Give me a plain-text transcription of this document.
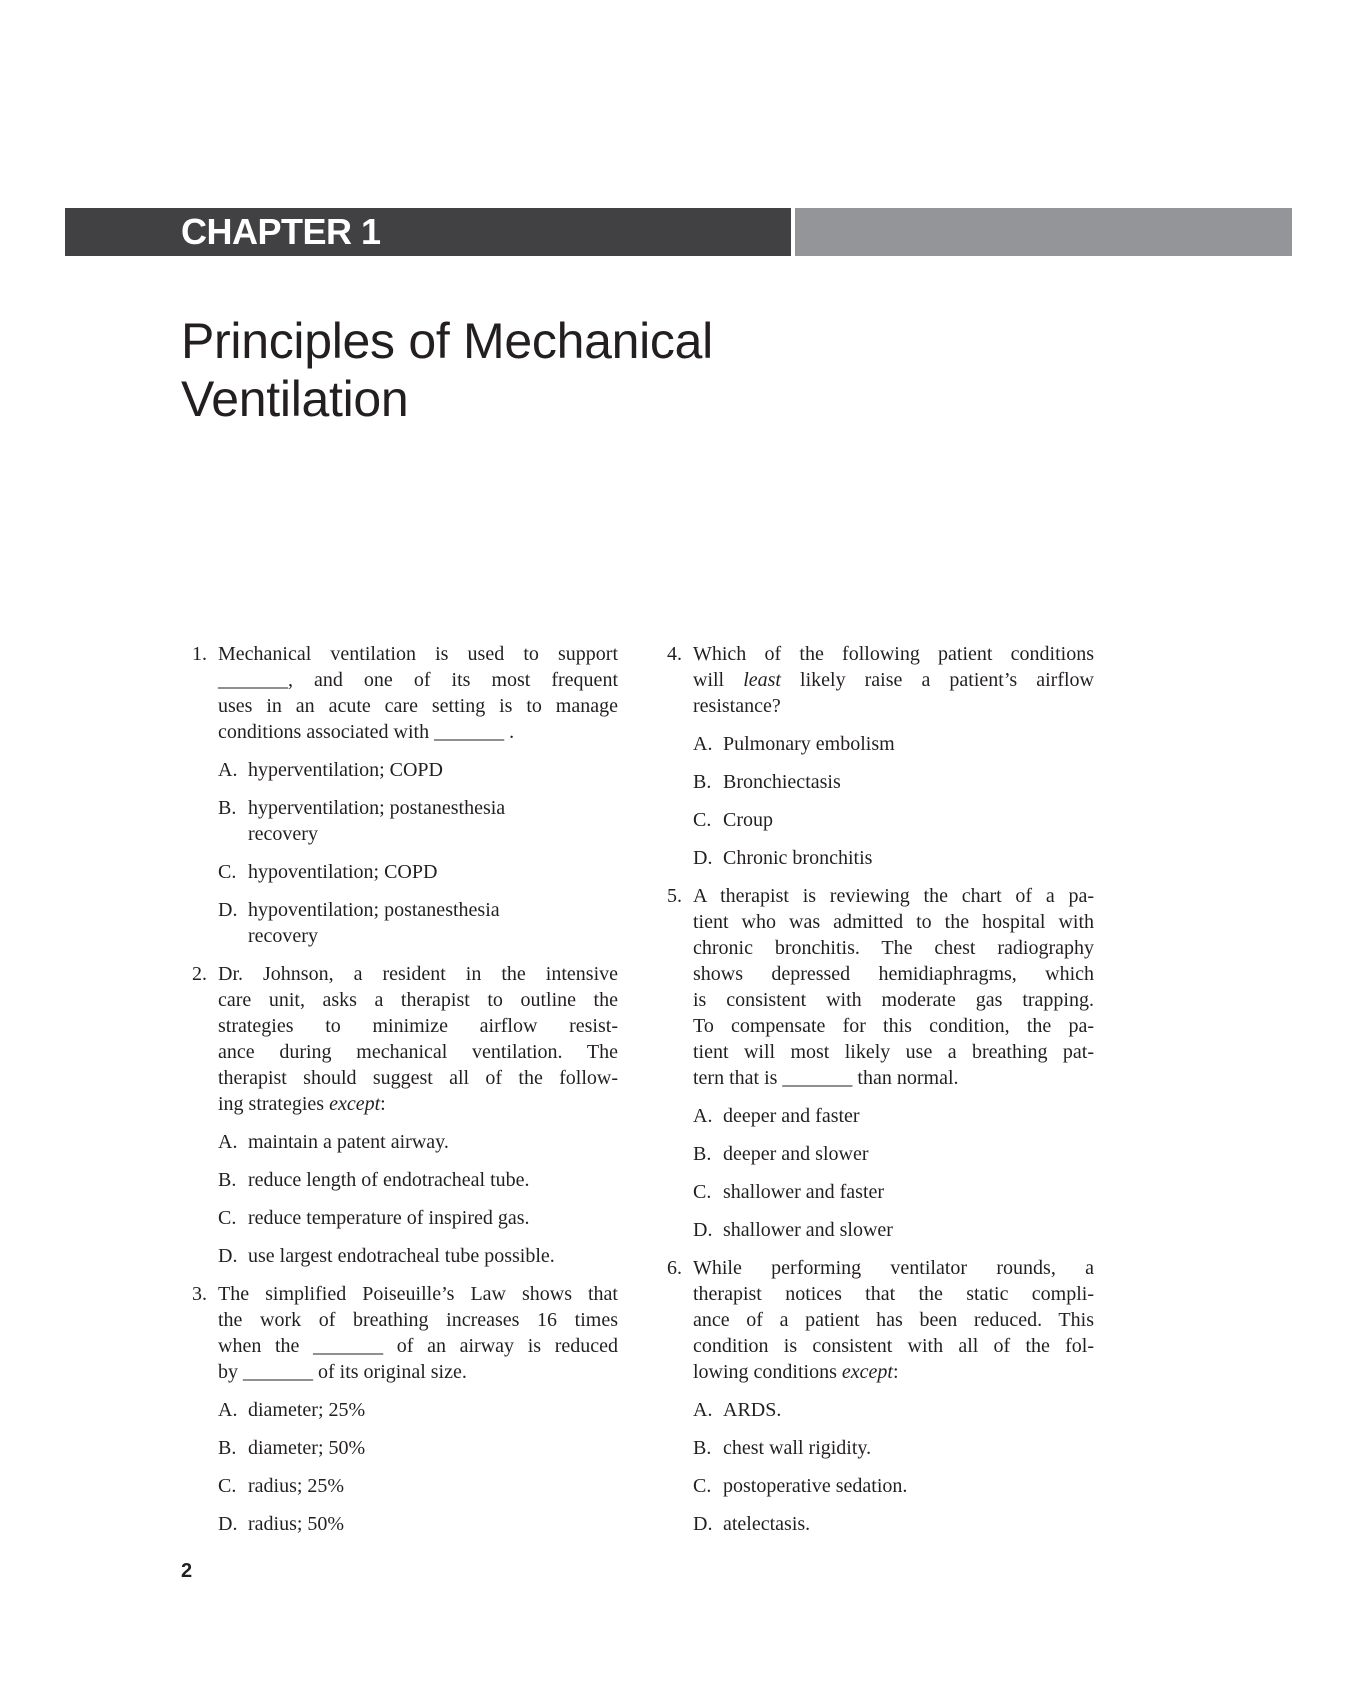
CHAPTER 1
Principles of Mechanical
Ventilation
1. Mechanical ventilation is used to support
_______, and one of its most frequent
uses in an acute care setting is to manage
conditions associated with _______ .
A. hyperventilation; COPD
B. hyperventilation; postanesthesia
recovery
C. hypoventilation; COPD
D. hypoventilation; postanesthesia
recovery
2. Dr. Johnson, a resident in the intensive
care unit, asks a therapist to outline the
strategies to minimize airflow resist-
ance during mechanical ventilation. The
therapist should suggest all of the follow-
ing strategies except:
A. maintain a patent airway.
B. reduce length of endotracheal tube.
C. reduce temperature of inspired gas.
D. use largest endotracheal tube possible.
3. The simplified Poiseuille’s Law shows that
the work of breathing increases 16 times
when the _______ of an airway is reduced
by _______ of its original size.
A. diameter; 25%
B. diameter; 50%
C. radius; 25%
D. radius; 50%
4. Which of the following patient conditions
will least likely raise a patient’s airflow
resistance?
A. Pulmonary embolism
B. Bronchiectasis
C. Croup
D. Chronic bronchitis
5. A therapist is reviewing the chart of a pa-
tient who was admitted to the hospital with
chronic bronchitis. The chest radiography
shows depressed hemidiaphragms, which
is consistent with moderate gas trapping.
To compensate for this condition, the pa-
tient will most likely use a breathing pat-
tern that is _______ than normal.
A. deeper and faster
B. deeper and slower
C. shallower and faster
D. shallower and slower
6. While performing ventilator rounds, a
therapist notices that the static compli-
ance of a patient has been reduced. This
condition is consistent with all of the fol-
lowing conditions except:
A. ARDS.
B. chest wall rigidity.
C. postoperative sedation.
D. atelectasis.
2
